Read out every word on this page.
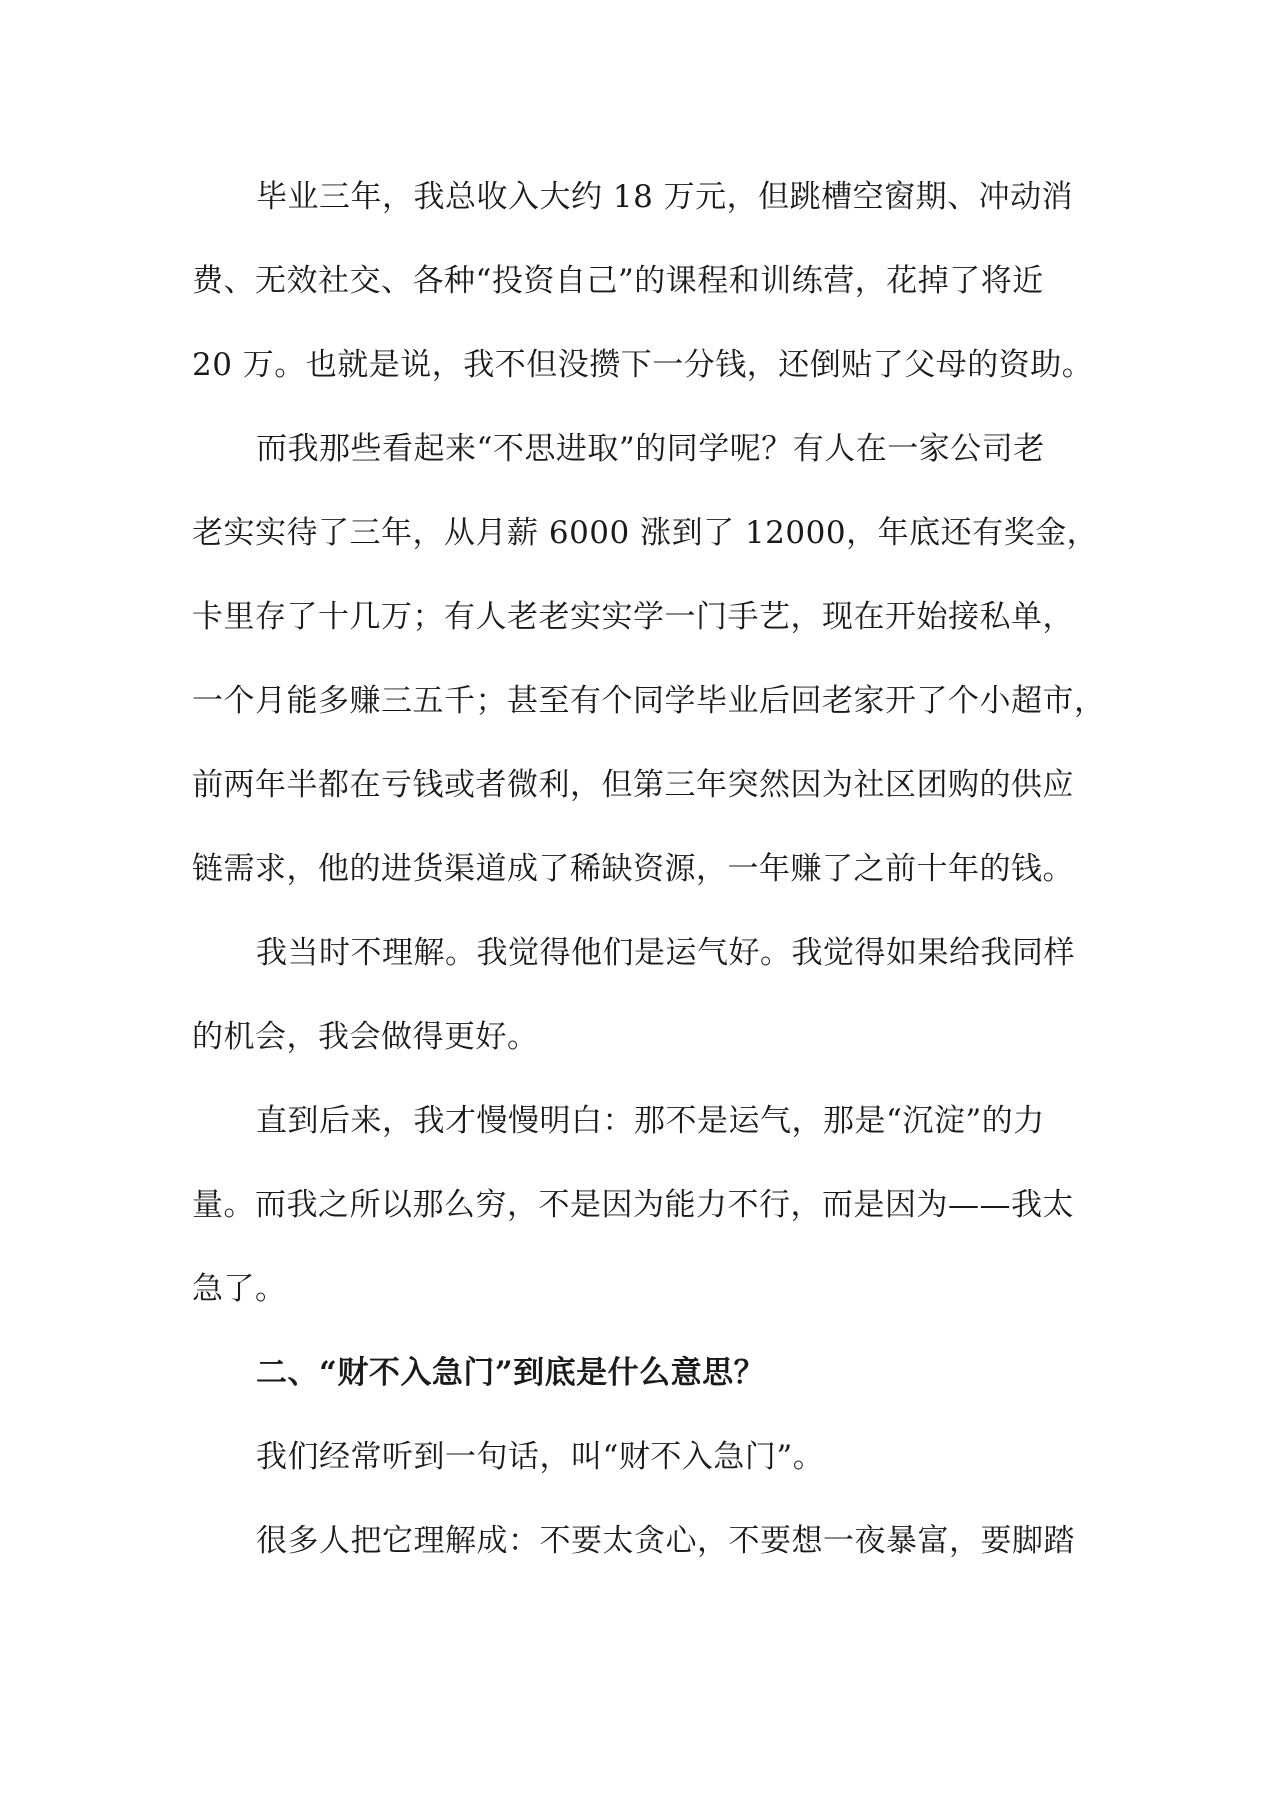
毕业三年，我总收入大约 18 万元，但跳槽空窗期、冲动消
费、无效社交、各种“投资自己”的课程和训练营，花掉了将近
20 万。也就是说，我不但没攒下一分钱，还倒贴了父母的资助。
而我那些看起来“不思进取”的同学呢？有人在一家公司老
老实实待了三年，从月薪 6000 涨到了 12000，年底还有奖金，
卡里存了十几万；有人老老实实学一门手艺，现在开始接私单，
一个月能多赚三五千；甚至有个同学毕业后回老家开了个小超市，
前两年半都在亏钱或者微利，但第三年突然因为社区团购的供应
链需求，他的进货渠道成了稀缺资源，一年赚了之前十年的钱。
我当时不理解。我觉得他们是运气好。我觉得如果给我同样
的机会，我会做得更好。
直到后来，我才慢慢明白：那不是运气，那是“沉淀”的力
量。而我之所以那么穷，不是因为能力不行，而是因为——我太
急了。
二、“财不入急门”到底是什么意思？
我们经常听到一句话，叫“财不入急门”。
很多人把它理解成：不要太贪心，不要想一夜暴富，要脚踏
